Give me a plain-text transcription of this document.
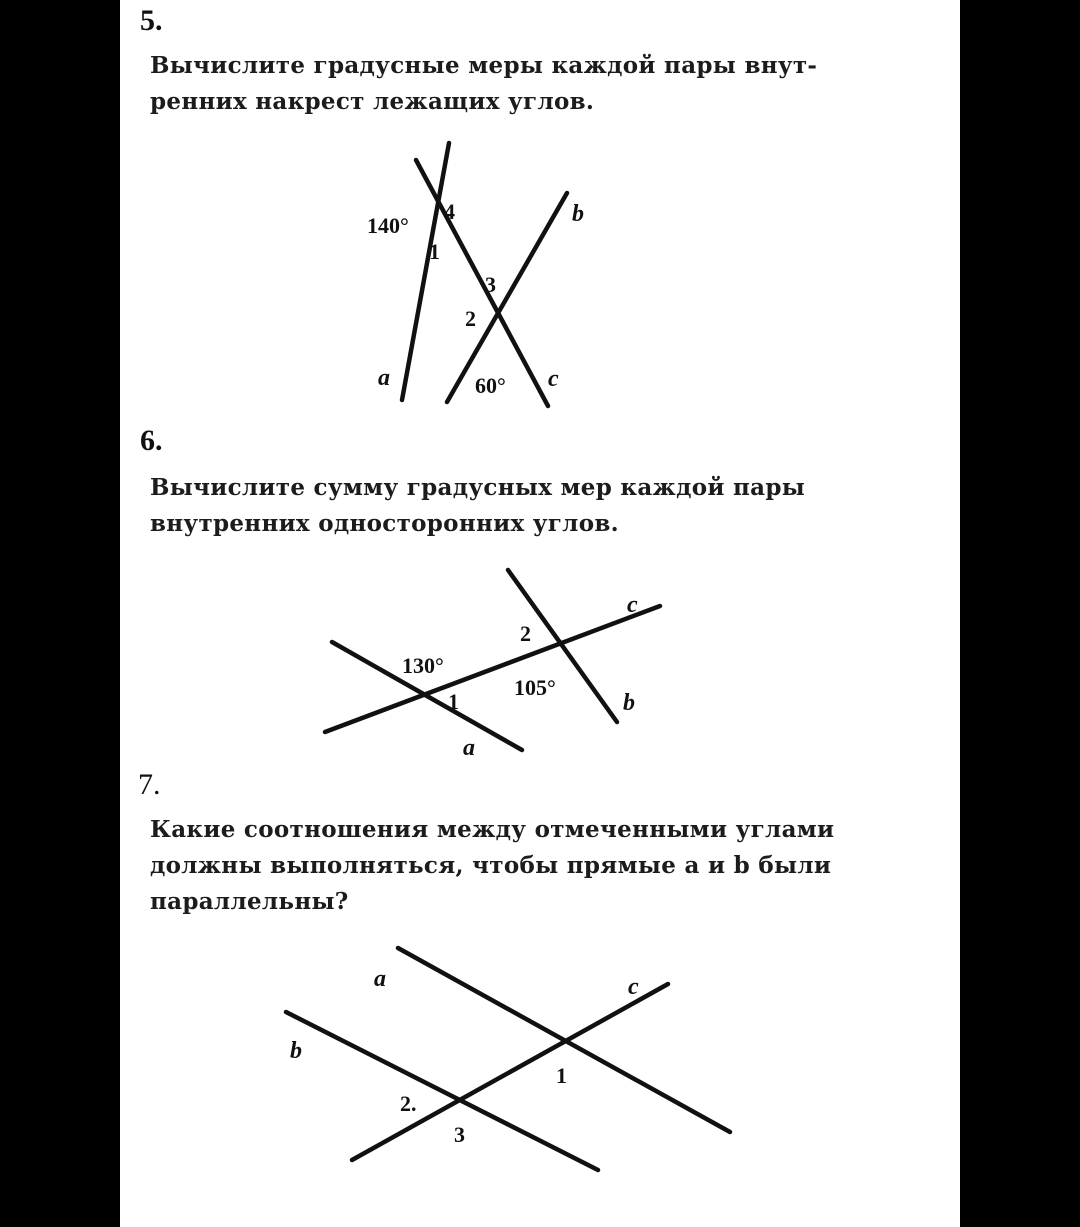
5.
Вычислите градусные меры каждой пары внут-
ренних накрест лежащих углов.
140°
4
1
3
2
60°
a
b
c
6.
Вычислите сумму градусных мер каждой пары
внутренних односторонних углов.
130°
1
2
105°
a
b
c
7.
Какие соотношения между отмеченными углами
должны выполняться, чтобы прямые a и b были
параллельны?
a
b
c
1
2.
3
